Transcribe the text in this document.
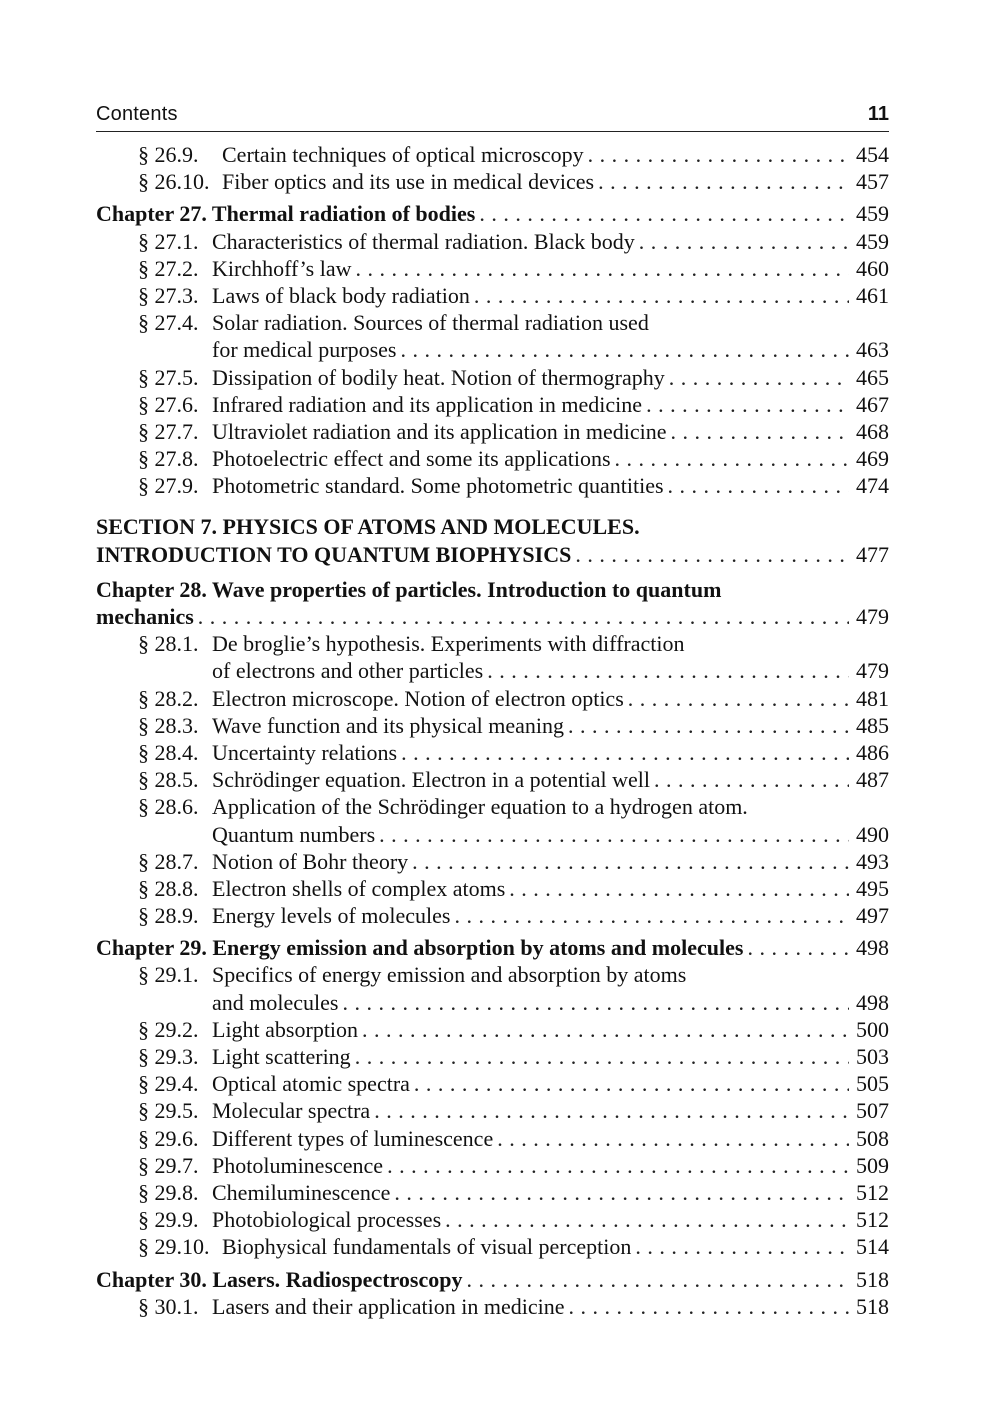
Contents	11
§ 26.9.	Certain techniques of optical microscopy . . .	454
§ 26.10. Fiber optics and its use in medical devices . . .	457
Chapter 27. Thermal radiation of bodies . . .	459
§ 27.1. Characteristics of thermal radiation. Black body . . .	459
§ 27.2. Kirchhoff’s law . . .	460
§ 27.3. Laws of black body radiation . . .	461
§ 27.4. Solar radiation. Sources of thermal radiation used
for medical purposes . . .	463
§ 27.5. Dissipation of bodily heat. Notion of thermography . . .	465
§ 27.6. Infrared radiation and its application in medicine . . .	467
§ 27.7. Ultraviolet radiation and its application in medicine . . .	468
§ 27.8. Photoelectric effect and some its applications . . .	469
§ 27.9. Photometric standard. Some photometric quantities . . .	474
SECTION 7. PHYSICS OF ATOMS AND MOLECULES.
INTRODUCTION TO QUANTUM BIOPHYSICS . . .	477
Chapter 28. Wave properties of particles. Introduction to quantum
mechanics . . .	479
§ 28.1. De broglie’s hypothesis. Experiments with diffraction
of electrons and other particles . . .	479
§ 28.2. Electron microscope. Notion of electron optics . . .	481
§ 28.3. Wave function and its physical meaning . . .	485
§ 28.4. Uncertainty relations . . .	486
§ 28.5. Schrödinger equation. Electron in a potential well . . .	487
§ 28.6. Application of the Schrödinger equation to a hydrogen atom.
Quantum numbers . . .	490
§ 28.7. Notion of Bohr theory . . .	493
§ 28.8. Electron shells of complex atoms . . .	495
§ 28.9. Energy levels of molecules . . .	497
Chapter 29. Energy emission and absorption by atoms and molecules . . .	498
§ 29.1. Specifics of energy emission and absorption by atoms
and molecules . . .	498
§ 29.2. Light absorption . . .	500
§ 29.3. Light scattering . . .	503
§ 29.4. Optical atomic spectra . . .	505
§ 29.5. Molecular spectra . . .	507
§ 29.6. Different types of luminescence . . .	508
§ 29.7. Photoluminescence . . .	509
§ 29.8. Chemiluminescence . . .	512
§ 29.9. Photobiological processes . . .	512
§ 29.10. Biophysical fundamentals of visual perception . . .	514
Chapter 30. Lasers. Radiospectroscopy . . .	518
§ 30.1. Lasers and their application in medicine . . .	518
